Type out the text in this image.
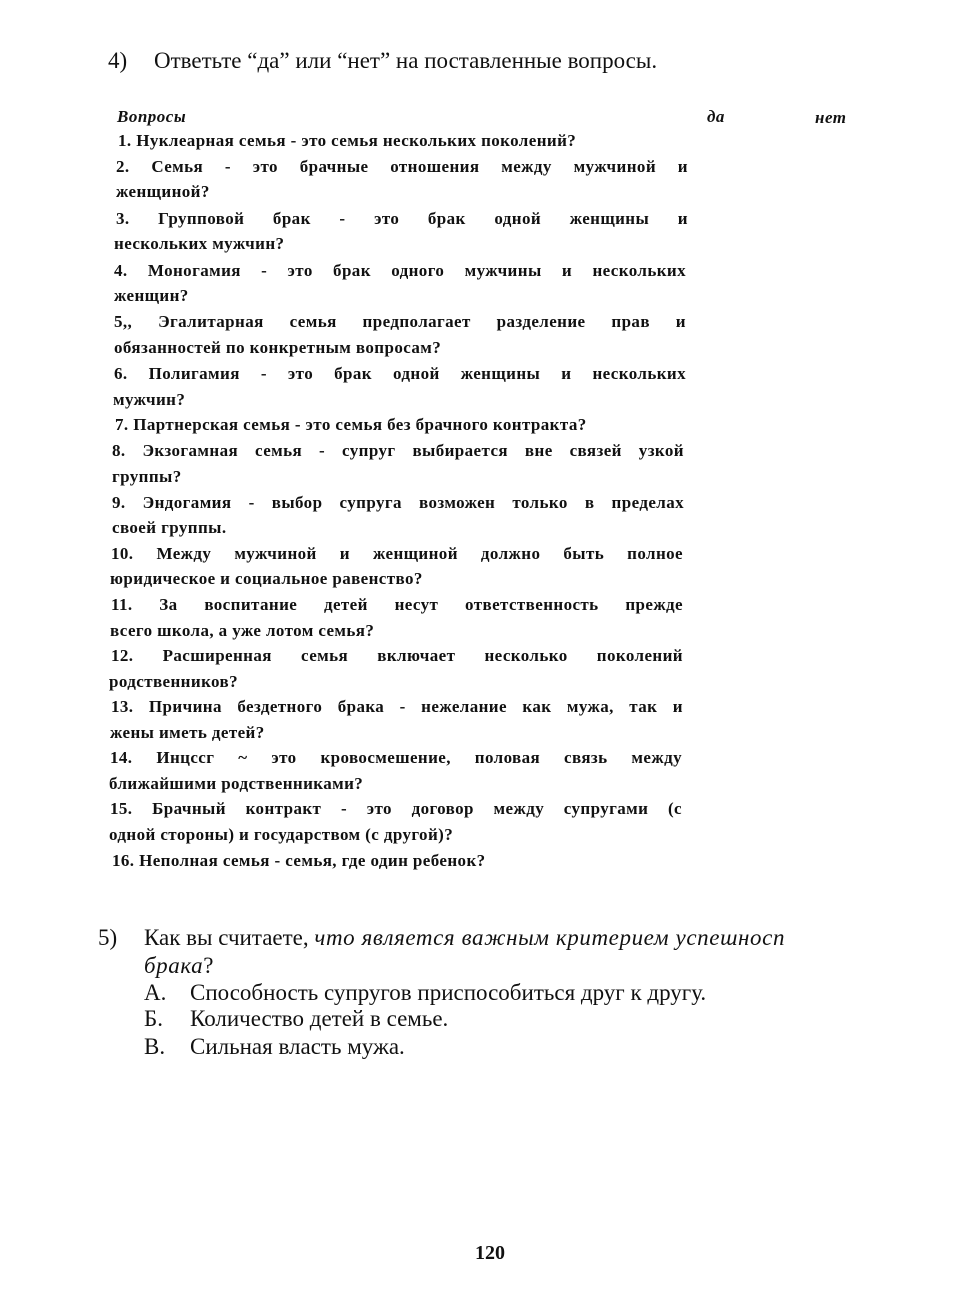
4) Ответьте “да” или “нет” на поставленные вопросы.
Вопросы	да	нет
1. Нуклеарная семья - это семья нескольких поколений?
2. Семья - это брачные отношения между мужчиной и
женщиной?
3. Групповой брак - это брак одной женщины и
нескольких мужчин?
4. Моногамия - это брак одного мужчины и нескольких
женщин?
5,, Эгалитарная семья предполагает разделение прав и
обязанностей по конкретным вопросам?
6. Полигамия - это брак одной женщины и нескольких
мужчин?
7. Партнерская семья - это семья без брачного контракта?
8. Экзогамная семья - супруг выбирается вне связей узкой
группы?
9. Эндогамия - выбор супруга возможен только в пределах
своей группы.
10. Между мужчиной и женщиной должно быть полное
юридическое и социальное равенство?
11. За воспитание детей несут ответственность прежде
всего школа, а уже лотом семья?
12. Расширенная семья включает несколько поколений
родственников?
13. Причина бездетного брака - нежелание как мужа, так и
жены иметь детей?
14. Инцссг ~ это кровосмешение, половая связь между
ближайшими родственниками?
15. Брачный контракт - это договор между супругами (с
одной стороны) и государством (с другой)?
16. Неполная семья - семья, где один ребенок?
5) Как вы считаете, что является важным критерием успешносп
брака?
А. Способность супругов приспособиться друг к другу.
Б. Количество детей в семье.
В. Сильная власть мужа.
120
